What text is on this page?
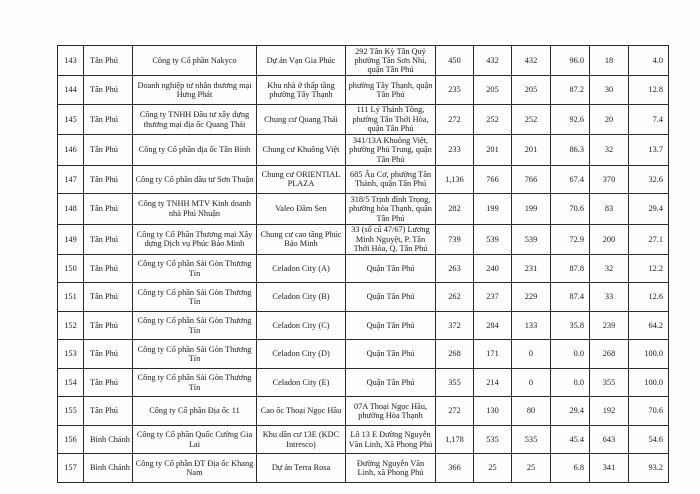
143	Tân Phú	Công ty Cổ phần Nakyco	Dự án Vạn Gia Phúc	292 Tân Kỳ Tân Quý phường Tân Sơn Nhì, quận Tân Phú	450	432	432	96.0	18	4.0
144	Tân Phú	Doanh nghiệp tư nhân thương mại Hưng Phát	Khu nhà ở thấp tầng phường Tây Thạnh	phường Tây Thạnh, quận Tân Phú	235	205	205	87.2	30	12.8
145	Tân Phú	Công ty TNHH Đầu tư xây dựng thương mại địa ốc Quang Thái	Chung cư Quang Thái	111 Lý Thánh Tông, phường Tân Thới Hòa, quận Tân Phú	272	252	252	92.6	20	7.4
146	Tân Phú	Công ty Cổ phần địa ốc Tân Bình	Chung cư Khuông Việt	341/13A Khuông Việt, phường Phú Trung, quận Tân Phú	233	201	201	86.3	32	13.7
147	Tân Phú	Công ty Cổ phần đầu tư Sơn Thuận	Chung cư ORIENTIAL PLAZA	685 Âu Cơ, phường Tân Thành, quận Tân Phú	1,136	766	766	67.4	370	32.6
148	Tân Phú	Công ty TNHH MTV Kinh doanh nhà Phú Nhuận	Valeo Đầm Sen	318/5 Trịnh đình Trọng, phường hòa Thạnh, quận Tân Phú	282	199	199	70.6	83	29.4
149	Tân Phú	Công ty Cổ Phần Thương mại Xây dựng Dịch vụ Phúc Bảo Minh	Chung cư cao tầng Phúc Bảo Minh	33 (số cũ 47/67) Lương Minh Nguyệt, P. Tân Thới Hòa, Q. Tân Phú	739	539	539	72.9	200	27.1
150	Tân Phú	Công ty Cổ phần Sài Gòn Thương Tín	Celadon City (A)	Quận Tân Phú	263	240	231	87.8	32	12.2
151	Tân Phú	Công ty Cổ phần Sài Gòn Thương Tín	Celadon City (B)	Quận Tân Phú	262	237	229	87.4	33	12.6
152	Tân Phú	Công ty Cổ phần Sài Gòn Thương Tín	Celadon City (C)	Quận Tân Phú	372	284	133	35.8	239	64.2
153	Tân Phú	Công ty Cổ phần Sài Gòn Thương Tín	Celadon City (D)	Quận Tân Phú	268	171	0	0.0	268	100.0
154	Tân Phú	Công ty Cổ phần Sài Gòn Thương Tín	Celadon City (E)	Quận Tân Phú	355	214	0	0.0	355	100.0
155	Tân Phú	Công ty Cổ phần Địa ốc 11	Cao ốc Thoại Ngọc Hầu	07A Thoại Ngọc Hầu, phường Hòa Thạnh	272	130	80	29.4	192	70.6
156	Bình Chánh	Công ty Cổ phần Quốc Cường Gia Lai	Khu dân cư 13E (KDC Intresco)	Lô 13 E Đường Nguyễn Văn Linh, Xã Phong Phú	1,178	535	535	45.4	643	54.6
157	Bình Chánh	Công ty Cổ phần ĐT Địa ốc Khang Nam	Dự án Terra Rosa	Đường Nguyễn Văn Linh, xã Phong Phú	366	25	25	6.8	341	93.2
